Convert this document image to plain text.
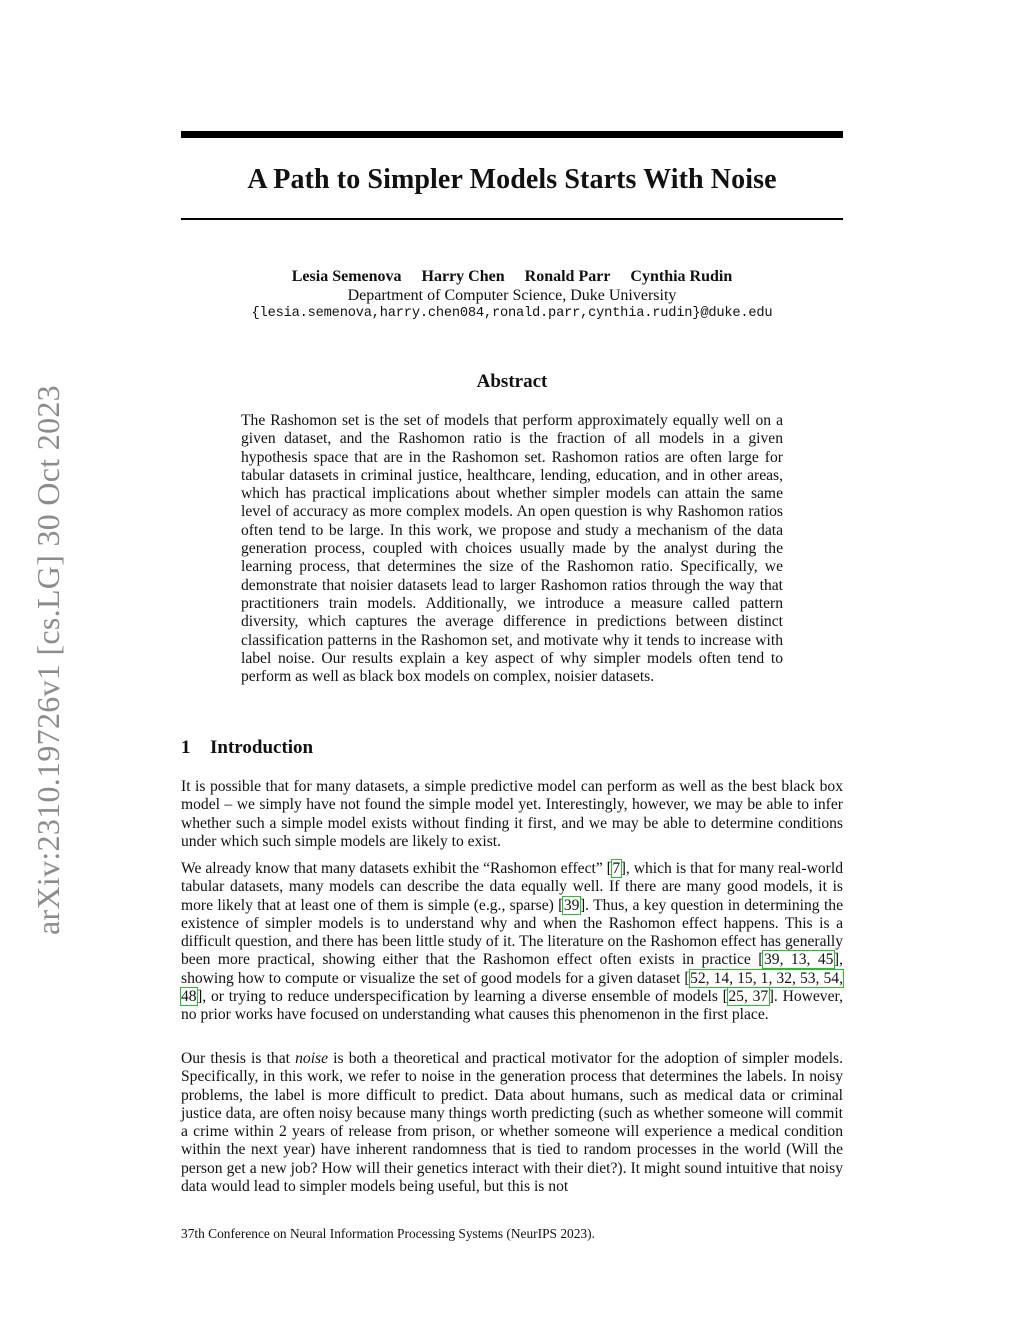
arXiv:2310.19726v1 [cs.LG] 30 Oct 2023
A Path to Simpler Models Starts With Noise
Lesia Semenova Harry Chen Ronald Parr Cynthia Rudin
Department of Computer Science, Duke University
{lesia.semenova,harry.chen084,ronald.parr,cynthia.rudin}@duke.edu
Abstract
The Rashomon set is the set of models that perform approximately equally well on a given dataset, and the Rashomon ratio is the fraction of all models in a given hypothesis space that are in the Rashomon set. Rashomon ratios are often large for tabular datasets in criminal justice, healthcare, lending, education, and in other areas, which has practical implications about whether simpler models can attain the same level of accuracy as more complex models. An open question is why Rashomon ratios often tend to be large. In this work, we propose and study a mechanism of the data generation process, coupled with choices usually made by the analyst during the learning process, that determines the size of the Rashomon ratio. Specifically, we demonstrate that noisier datasets lead to larger Rashomon ratios through the way that practitioners train models. Additionally, we introduce a measure called pattern diversity, which captures the average difference in predictions between distinct classification patterns in the Rashomon set, and motivate why it tends to increase with label noise. Our results explain a key aspect of why simpler models often tend to perform as well as black box models on complex, noisier datasets.
1 Introduction
It is possible that for many datasets, a simple predictive model can perform as well as the best black box model – we simply have not found the simple model yet. Interestingly, however, we may be able to infer whether such a simple model exists without finding it first, and we may be able to determine conditions under which such simple models are likely to exist.
We already know that many datasets exhibit the “Rashomon effect” [7], which is that for many real-world tabular datasets, many models can describe the data equally well. If there are many good models, it is more likely that at least one of them is simple (e.g., sparse) [39]. Thus, a key question in determining the existence of simpler models is to understand why and when the Rashomon effect happens. This is a difficult question, and there has been little study of it. The literature on the Rashomon effect has generally been more practical, showing either that the Rashomon effect often exists in practice [39, 13, 45], showing how to compute or visualize the set of good models for a given dataset [52, 14, 15, 1, 32, 53, 54, 48], or trying to reduce underspecification by learning a diverse ensemble of models [25, 37]. However, no prior works have focused on understanding what causes this phenomenon in the first place.
Our thesis is that noise is both a theoretical and practical motivator for the adoption of simpler models. Specifically, in this work, we refer to noise in the generation process that determines the labels. In noisy problems, the label is more difficult to predict. Data about humans, such as medical data or criminal justice data, are often noisy because many things worth predicting (such as whether someone will commit a crime within 2 years of release from prison, or whether someone will experience a medical condition within the next year) have inherent randomness that is tied to random processes in the world (Will the person get a new job? How will their genetics interact with their diet?). It might sound intuitive that noisy data would lead to simpler models being useful, but this is not
37th Conference on Neural Information Processing Systems (NeurIPS 2023).
